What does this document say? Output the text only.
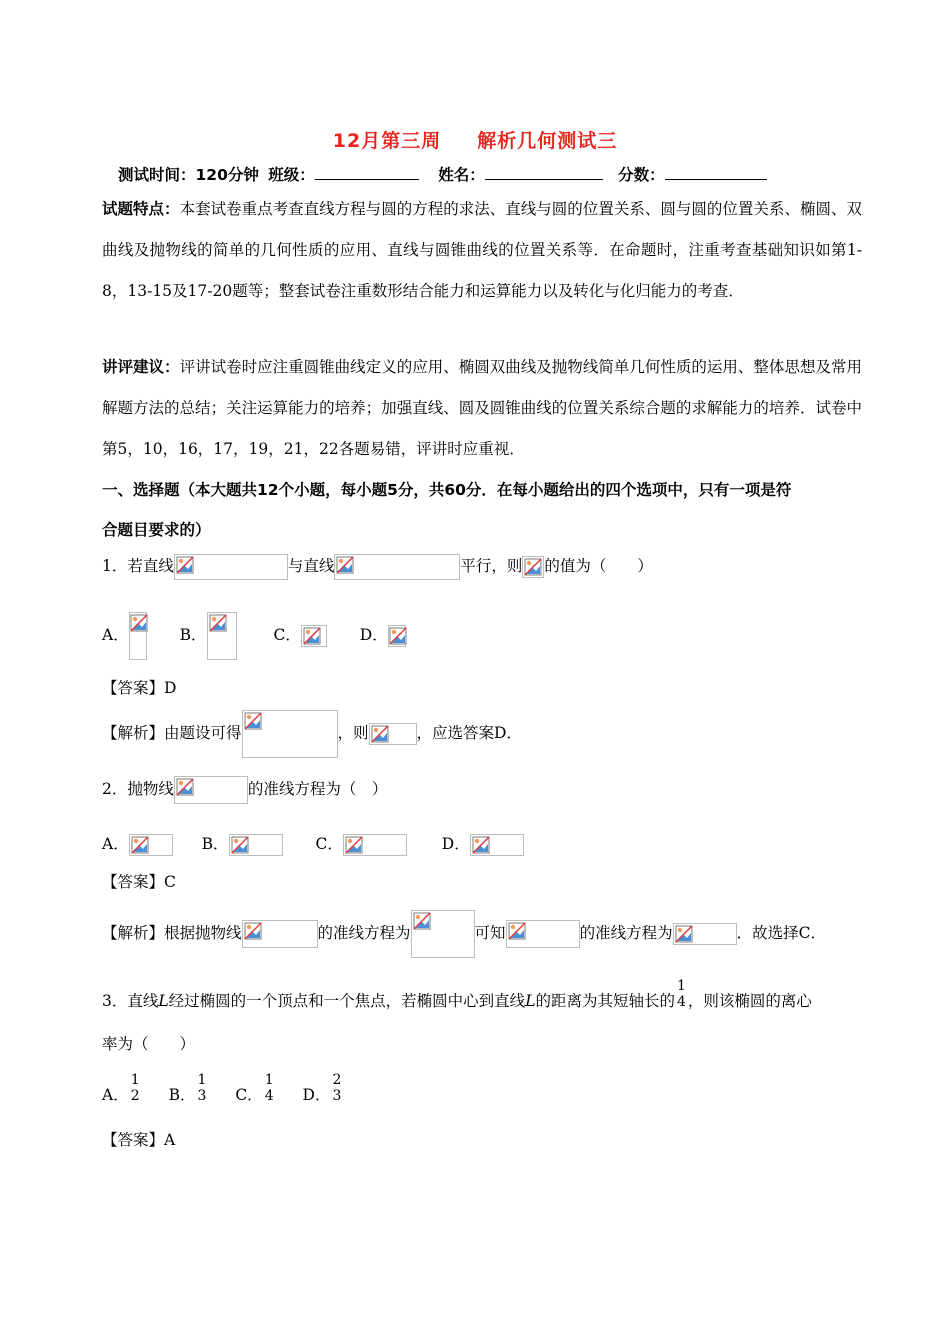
12月第三周 解析几何测试三
测试时间：120分钟 班级：	姓名：	分数：
试题特点：本套试卷重点考查直线方程与圆的方程的求法、直线与圆的位置关系、圆与圆的位置关系、椭圆、双曲线及抛物线的简单的几何性质的应用、直线与圆锥曲线的位置关系等．在命题时，注重考查基础知识如第1-8，13-15及17-20题等；整套试卷注重数形结合能力和运算能力以及转化与化归能力的考查．
讲评建议：评讲试卷时应注重圆锥曲线定义的应用、椭圆双曲线及抛物线简单几何性质的运用、整体思想及常用解题方法的总结；关注运算能力的培养；加强直线、圆及圆锥曲线的位置关系综合题的求解能力的培养．试卷中第5，10，16，17，19，21，22各题易错，评讲时应重视．
一、选择题（本大题共12个小题，每小题5分，共60分．在每小题给出的四个选项中，只有一项是符
合题目要求的）
1．若直线	与直线	平行，则 的值为（　　）
A．	B．	C．	D．
【答案】D
【解析】由题设可得	，则	，应选答案D．
2．抛物线	的准线方程为（　）
A．	B．	C．	D．
【答案】C
【解析】根据抛物线	的准线方程为	可知	的准线方程为	．故选择C．
3．直线L经过椭圆的一个顶点和一个焦点，若椭圆中心到直线L的距离为其短轴长的
1
4 ，则该椭圆的离心
率为（　　）
A．
1
2 B．
1
3 C．
1
4 D．
2
3
【答案】A
